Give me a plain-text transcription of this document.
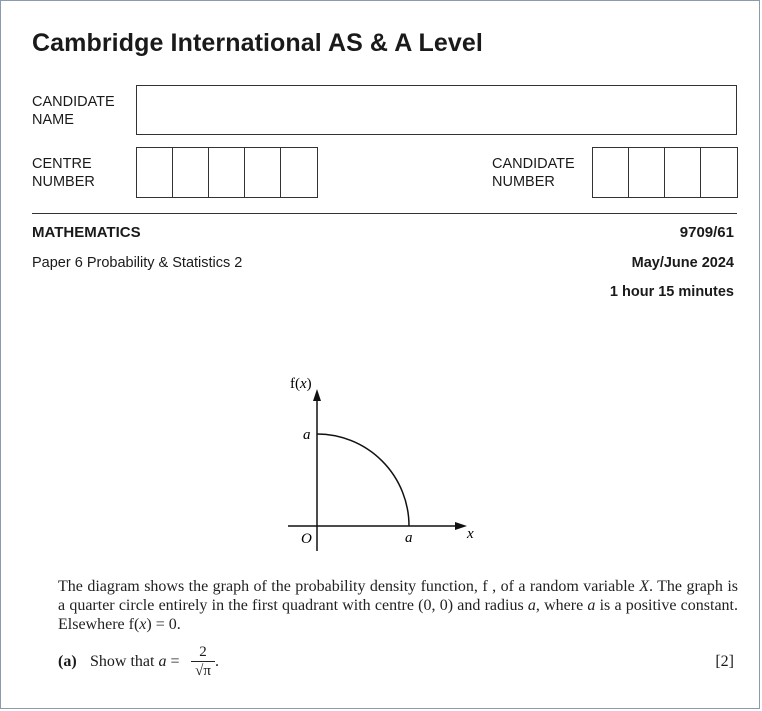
Cambridge International AS & A Level
CANDIDATE
NAME
CENTRE
NUMBER
CANDIDATE
NUMBER
MATHEMATICS	9709/61
Paper 6 Probability & Statistics 2	May/June 2024
1 hour 15 minutes
f(x)
a
O	a	x
The diagram shows the graph of the probability density function, f , of a random variable X. The graph is a quarter circle entirely in the first quadrant with centre (0, 0) and radius a, where a is a positive constant. Elsewhere f(x) = 0.
(a) Show that a =
2
√π
.	[2]
